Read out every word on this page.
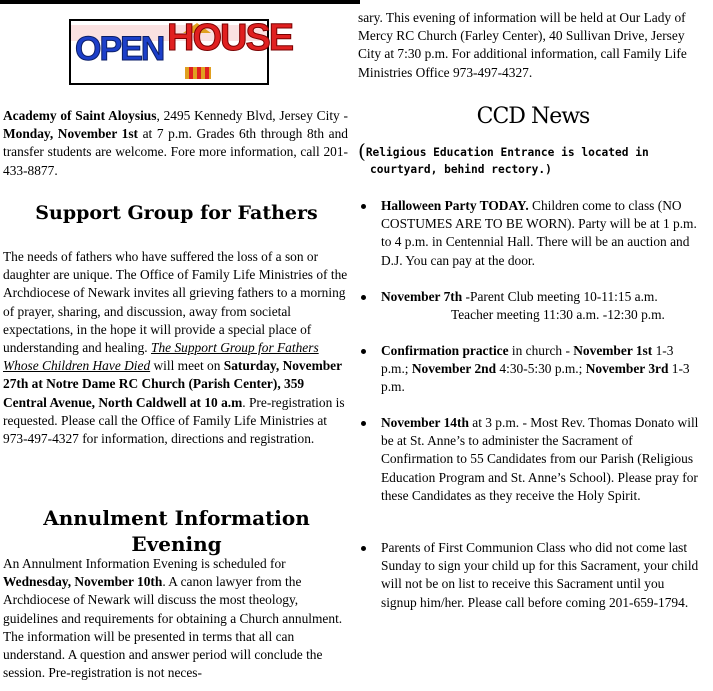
OPEN HOUSE

Academy of Saint Aloysius, 2495 Kennedy Blvd, Jersey City - Monday, November 1st at 7 p.m. Grades 6th through 8th and transfer students are welcome. Fore more information, call 201-433-8877.

Support Group for Fathers

The needs of fathers who have suffered the loss of a son or daughter are unique. The Office of Family Life Ministries of the Archdiocese of Newark invites all grieving fathers to a morning of prayer, sharing, and discussion, away from societal expectations, in the hope it will provide a special place of understanding and healing. The Support Group for Fathers Whose Children Have Died will meet on Saturday, November 27th at Notre Dame RC Church (Parish Center), 359 Central Avenue, North Caldwell at 10 a.m. Pre-registration is requested. Please call the Office of Family Life Ministries at 973-497-4327 for information, directions and registration.

Annulment Information Evening

An Annulment Information Evening is scheduled for Wednesday, November 10th. A canon lawyer from the Archdiocese of Newark will discuss the most theology, guidelines and requirements for obtaining a Church annulment. The information will be presented in terms that all can understand. A question and answer period will conclude the session. Pre-registration is not neces-

sary. This evening of information will be held at Our Lady of Mercy RC Church (Farley Center), 40 Sullivan Drive, Jersey City at 7:30 p.m. For additional information, call Family Life Ministries Office 973-497-4327.

CCD News

(Religious Education Entrance is located in courtyard, behind rectory.)

Halloween Party TODAY. Children come to class (NO COSTUMES ARE TO BE WORN). Party will be at 1 p.m. to 4 p.m. in Centennial Hall. There will be an auction and D.J. You can pay at the door.
November 7th -Parent Club meeting 10-11:15 a.m.
Teacher meeting 11:30 a.m. -12:30 p.m.
Confirmation practice in church - November 1st 1-3 p.m.; November 2nd 4:30-5:30 p.m.; November 3rd 1-3 p.m.
November 14th at 3 p.m. - Most Rev. Thomas Donato will be at St. Anne’s to administer the Sacrament of Confirmation to 55 Candidates from our Parish (Religious Education Program and St. Anne’s School). Please pray for these Candidates as they receive the Holy Spirit.
Parents of First Communion Class who did not come last Sunday to sign your child up for this Sacrament, your child will not be on list to receive this Sacrament until you signup him/her. Please call before coming 201-659-1794.
